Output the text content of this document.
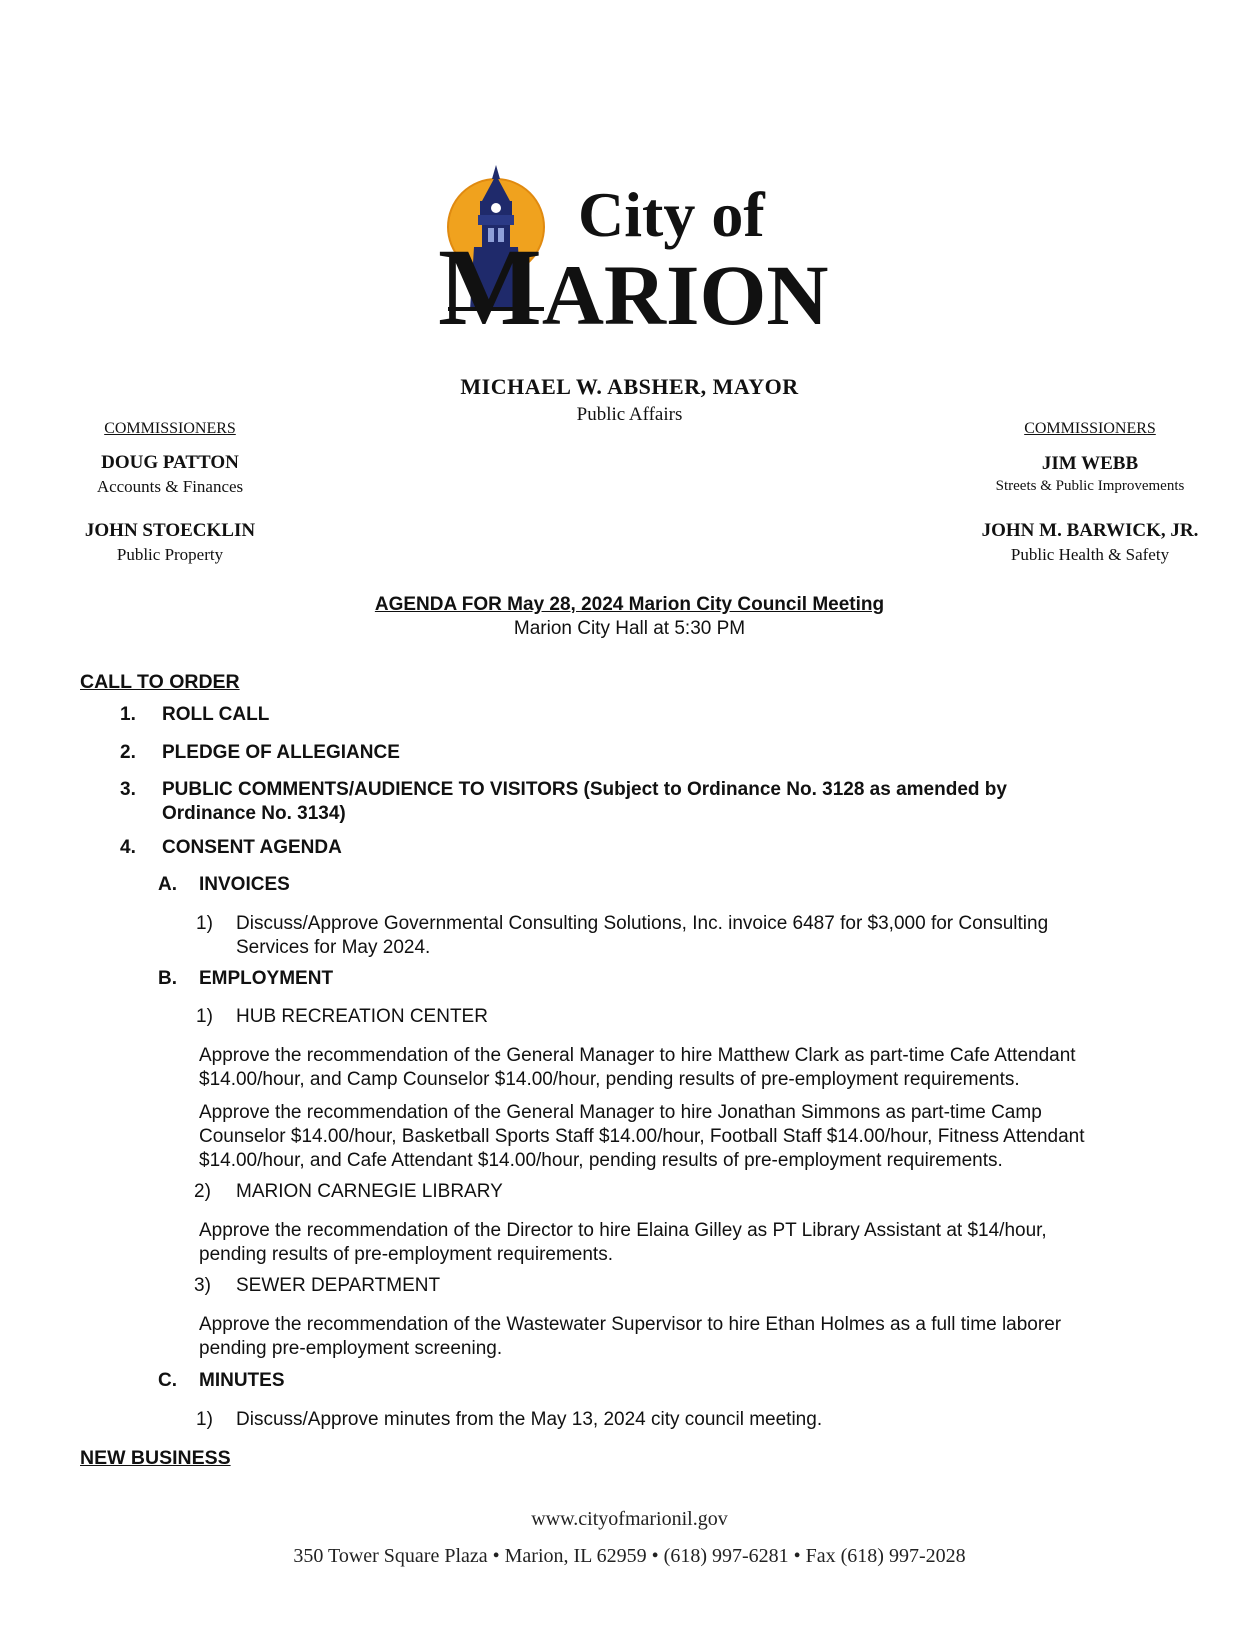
City of
MARION
MICHAEL W. ABSHER, MAYOR
Public Affairs
COMMISSIONERS
DOUG PATTON
Accounts & Finances
JOHN STOECKLIN
Public Property
COMMISSIONERS
JIM WEBB
Streets & Public Improvements
JOHN M. BARWICK, JR.
Public Health & Safety
AGENDA FOR May 28, 2024 Marion City Council Meeting
Marion City Hall at 5:30 PM
CALL TO ORDER
1. ROLL CALL
2. PLEDGE OF ALLEGIANCE
3. PUBLIC COMMENTS/AUDIENCE TO VISITORS (Subject to Ordinance No. 3128 as amended by
Ordinance No. 3134)
4. CONSENT AGENDA
A. INVOICES
1) Discuss/Approve Governmental Consulting Solutions, Inc. invoice 6487 for $3,000 for Consulting
Services for May 2024.
B. EMPLOYMENT
1) HUB RECREATION CENTER
Approve the recommendation of the General Manager to hire Matthew Clark as part-time Cafe Attendant
$14.00/hour, and Camp Counselor $14.00/hour, pending results of pre-employment requirements.
Approve the recommendation of the General Manager to hire Jonathan Simmons as part-time Camp
Counselor $14.00/hour, Basketball Sports Staff $14.00/hour, Football Staff $14.00/hour, Fitness Attendant
$14.00/hour, and Cafe Attendant $14.00/hour, pending results of pre-employment requirements.
2) MARION CARNEGIE LIBRARY
Approve the recommendation of the Director to hire Elaina Gilley as PT Library Assistant at $14/hour,
pending results of pre-employment requirements.
3) SEWER DEPARTMENT
Approve the recommendation of the Wastewater Supervisor to hire Ethan Holmes as a full time laborer
pending pre-employment screening.
C. MINUTES
1) Discuss/Approve minutes from the May 13, 2024 city council meeting.
NEW BUSINESS
www.cityofmarionil.gov
350 Tower Square Plaza • Marion, IL 62959 • (618) 997-6281 • Fax (618) 997-2028
